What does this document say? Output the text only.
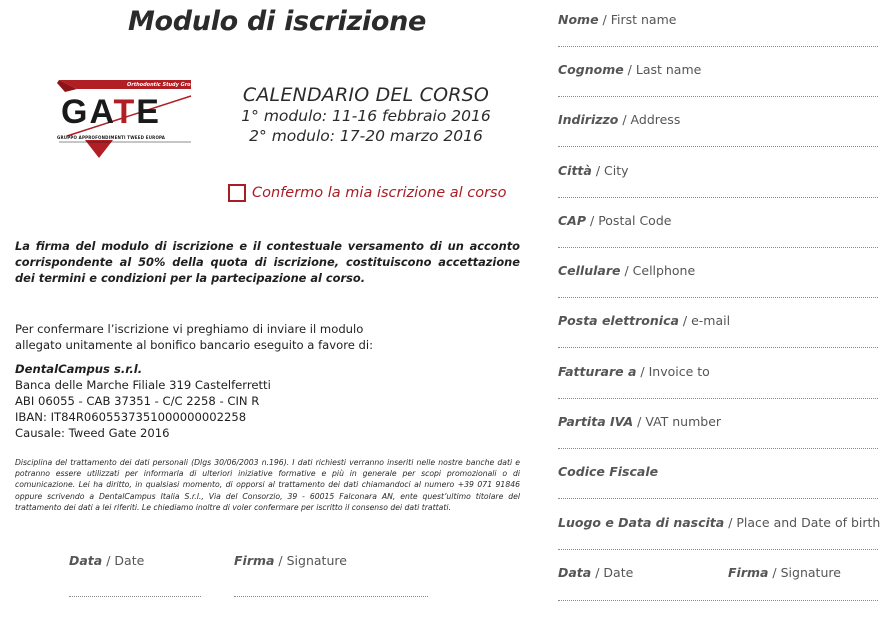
Modulo di iscrizione
Orthodontic Study Group
GATE
GRUPPO APPROFONDIMENTI TWEED EUROPA
CALENDARIO DEL CORSO
1° modulo: 11-16 febbraio 2016
2° modulo: 17-20 marzo 2016
Confermo la mia iscrizione al corso
La firma del modulo di iscrizione e il contestuale versamento di un acconto corrispondente al 50% della quota di iscrizione, costituiscono accettazione dei termini e condizioni per la partecipazione al corso.
Per confermare l’iscrizione vi preghiamo di inviare il modulo
allegato unitamente al bonifico bancario eseguito a favore di:
DentalCampus s.r.l.
Banca delle Marche Filiale 319 Castelferretti
ABI 06055 - CAB 37351 - C/C 2258 - CIN R
IBAN: IT84R0605537351000000002258
Causale: Tweed Gate 2016
Disciplina del trattamento dei dati personali (Dlgs 30/06/2003 n.196). I dati richiesti verranno inseriti nelle nostre banche dati e potranno essere utilizzati per informarla di ulteriori iniziative formative e più in generale per scopi promozionali o di comunicazione. Lei ha diritto, in qualsiasi momento, di opporsi al trattamento dei dati chiamandoci al numero +39 071 91846 oppure scrivendo a DentalCampus Italia S.r.l., Via del Consorzio, 39 - 60015 Falconara AN, ente quest’ultimo titolare del trattamento dei dati a lei riferiti. Le chiediamo inoltre di voler confermare per iscritto il consenso dei dati trattati.
Data / Date	Firma / Signature
Nome / First name
Cognome / Last name
Indirizzo / Address
Città / City
CAP / Postal Code
Cellulare / Cellphone
Posta elettronica / e-mail
Fatturare a / Invoice to
Partita IVA / VAT number
Codice Fiscale
Luogo e Data di nascita / Place and Date of birth
Data / Date	Firma / Signature
